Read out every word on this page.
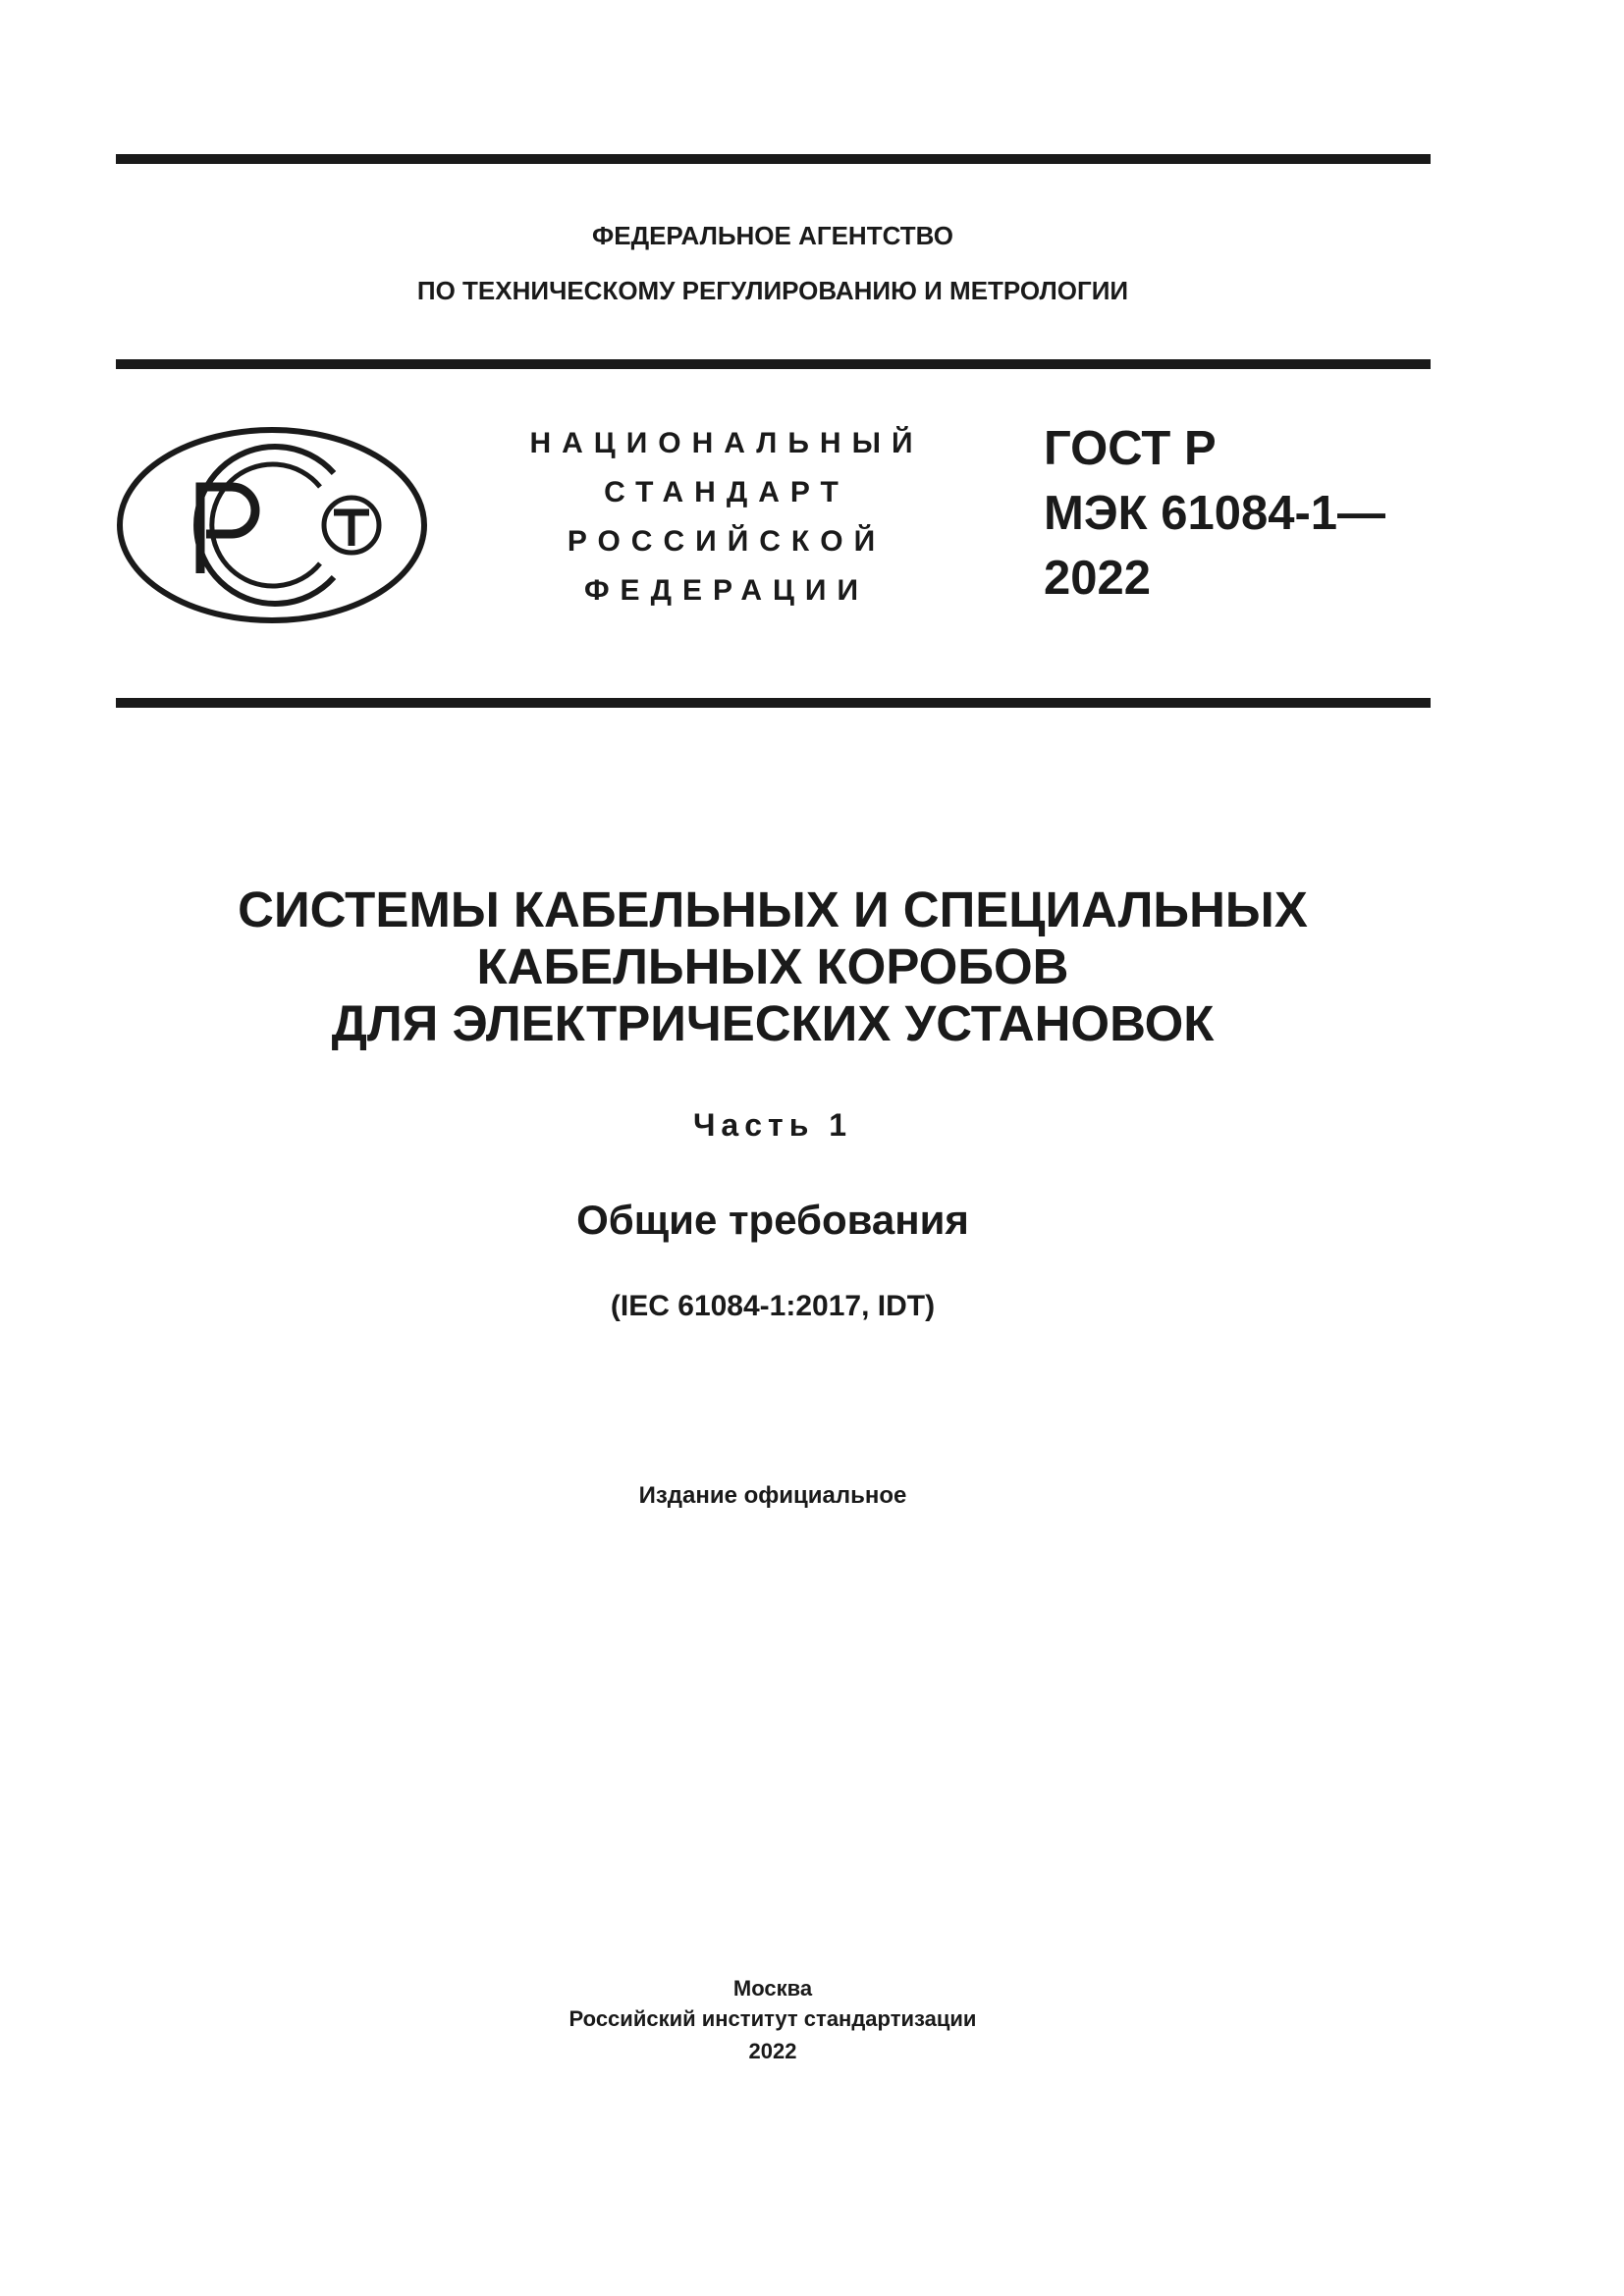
ФЕДЕРАЛЬНОЕ АГЕНТСТВО
ПО ТЕХНИЧЕСКОМУ РЕГУЛИРОВАНИЮ И МЕТРОЛОГИИ
НАЦИОНАЛЬНЫЙ
СТАНДАРТ
РОССИЙСКОЙ
ФЕДЕРАЦИИ
ГОСТ Р
МЭК 61084-1—
2022
СИСТЕМЫ КАБЕЛЬНЫХ И СПЕЦИАЛЬНЫХ
КАБЕЛЬНЫХ КОРОБОВ
ДЛЯ ЭЛЕКТРИЧЕСКИХ УСТАНОВОК
Часть 1
Общие требования
(IEC 61084-1:2017, IDT)
Издание официальное
Москва
Российский институт стандартизации
2022
